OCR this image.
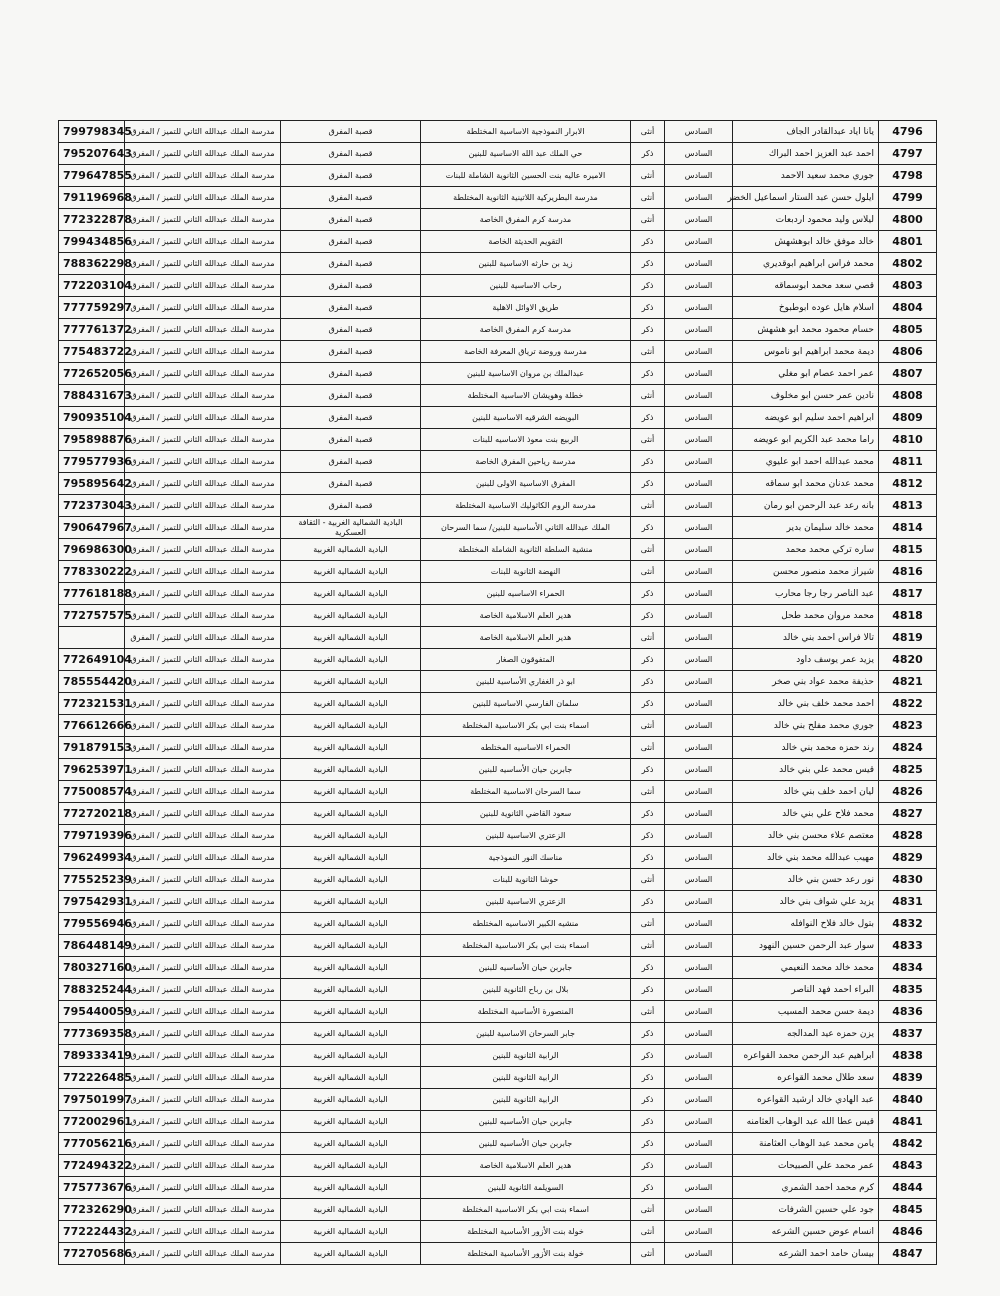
4796	يانا اياد عبدالقادر الجاف	السادس	أنثى	الابرار النموذجية الاساسية المختلطة	قصبة المفرق	مدرسة الملك عبدالله الثاني للتميز / المفرق	799798345
4797	احمد عبد العزيز احمد البراك	السادس	ذكر	حي الملك عبد الله الاساسية للبنين	قصبة المفرق	مدرسة الملك عبدالله الثاني للتميز / المفرق	795207643
4798	جوري محمد سعيد الاحمد	السادس	أنثى	الاميره عاليه بنت الحسين الثانوية الشاملة للبنات	قصبة المفرق	مدرسة الملك عبدالله الثاني للتميز / المفرق	779647855
4799	ايلول حسن عبد الستار اسماعيل الخضر	السادس	أنثى	مدرسة البطريركية اللاتينية الثانوية المختلطة	قصبة المفرق	مدرسة الملك عبدالله الثاني للتميز / المفرق	791196968
4800	ليلاس وليد محمود اردبعات	السادس	أنثى	مدرسة كرم المفرق الخاصة	قصبة المفرق	مدرسة الملك عبدالله الثاني للتميز / المفرق	772322878
4801	خالد موفق خالد ابوهشهش	السادس	ذكر	التقويم الحديثة الخاصة	قصبة المفرق	مدرسة الملك عبدالله الثاني للتميز / المفرق	799434856
4802	محمد فراس ابراهيم ابوقديري	السادس	ذكر	زيد بن حارثه الاساسية للبنين	قصبة المفرق	مدرسة الملك عبدالله الثاني للتميز / المفرق	788362298
4803	قصي سعد محمد ابوسماقه	السادس	ذكر	رحاب الاساسية للبنين	قصبة المفرق	مدرسة الملك عبدالله الثاني للتميز / المفرق	772203104
4804	اسلام هايل عوده ابوطبوخ	السادس	ذكر	طريق الاوائل الاهلية	قصبة المفرق	مدرسة الملك عبدالله الثاني للتميز / المفرق	777759297
4805	حسام محمود محمد ابو هشهش	السادس	ذكر	مدرسة كرم المفرق الخاصة	قصبة المفرق	مدرسة الملك عبدالله الثاني للتميز / المفرق	777761372
4806	ديمة محمد ابراهيم ابو ناموس	السادس	أنثى	مدرسة وروضة ترياق المعرفة الخاصة	قصبة المفرق	مدرسة الملك عبدالله الثاني للتميز / المفرق	775483722
4807	عمر احمد عصام ابو مغلي	السادس	ذكر	عبدالملك بن مروان الاساسية للبنين	قصبة المفرق	مدرسة الملك عبدالله الثاني للتميز / المفرق	772652056
4808	نادين عمر حسن ابو مخلوف	السادس	أنثى	خطلة وهويشان الاساسية المختلطة	قصبة المفرق	مدرسة الملك عبدالله الثاني للتميز / المفرق	788431673
4809	ابراهيم احمد سليم ابو عويضه	السادس	ذكر	البويضه الشرقيه الاساسية للبنين	قصبة المفرق	مدرسة الملك عبدالله الثاني للتميز / المفرق	790935104
4810	راما محمد عبد الكريم ابو عويضه	السادس	أنثى	الربيع بنت معوذ الاساسيه للبنات	قصبة المفرق	مدرسة الملك عبدالله الثاني للتميز / المفرق	795898876
4811	محمد عبدالله احمد ابو عليوي	السادس	ذكر	مدرسة رياحين المفرق الخاصة	قصبة المفرق	مدرسة الملك عبدالله الثاني للتميز / المفرق	779577936
4812	محمد عدنان محمد ابو سماقه	السادس	ذكر	المفرق الاساسية الاولى للبنين	قصبة المفرق	مدرسة الملك عبدالله الثاني للتميز / المفرق	795895642
4813	بانه رعد عبد الرحمن ابو رمان	السادس	أنثى	مدرسة الروم الكاثوليك الاساسية المختلطة	قصبة المفرق	مدرسة الملك عبدالله الثاني للتميز / المفرق	772373043
4814	محمد خالد سليمان بدير	السادس	ذكر	الملك عبدالله الثاني الأساسية للبنين/ سما السرحان	البادية الشمالية الغربية - الثقافة العسكرية	مدرسة الملك عبدالله الثاني للتميز / المفرق	790647967
4815	ساره تركي محمد محمد	السادس	أنثى	منشية السلطة الثانوية الشاملة المختلطة	البادية الشمالية الغربية	مدرسة الملك عبدالله الثاني للتميز / المفرق	796986300
4816	شيراز محمد منصور محسن	السادس	أنثى	النهضة الثانوية للبنات	البادية الشمالية الغربية	مدرسة الملك عبدالله الثاني للتميز / المفرق	778330222
4817	عبد الناصر رجا رجا محارب	السادس	ذكر	الحمراء الاساسيه للبنين	البادية الشمالية الغربية	مدرسة الملك عبدالله الثاني للتميز / المفرق	777618188
4818	محمد مروان محمد طحل	السادس	ذكر	هدير العلم الاسلامية الخاصة	البادية الشمالية الغربية	مدرسة الملك عبدالله الثاني للتميز / المفرق	772757575
4819	تالا فراس احمد بني خالد	السادس	أنثى	هدير العلم الاسلامية الخاصة	البادية الشمالية الغربية	مدرسة الملك عبدالله الثاني للتميز / المفرق	
4820	يزيد عمر يوسف داود	السادس	ذكر	المتفوقون الصغار	البادية الشمالية الغربية	مدرسة الملك عبدالله الثاني للتميز / المفرق	772649104
4821	حذيفة محمد عواد بني صخر	السادس	ذكر	ابو ذر الغفاري الأساسية للبنين	البادية الشمالية الغربية	مدرسة الملك عبدالله الثاني للتميز / المفرق	785554420
4822	احمد محمد خلف بني خالد	السادس	ذكر	سلمان الفارسي الاساسية للبنين	البادية الشمالية الغربية	مدرسة الملك عبدالله الثاني للتميز / المفرق	772321531
4823	جوري محمد مفلح بني خالد	السادس	أنثى	اسماء بنت ابي بكر الاساسية المختلطة	البادية الشمالية الغربية	مدرسة الملك عبدالله الثاني للتميز / المفرق	776612666
4824	رند حمزه محمد بني خالد	السادس	أنثى	الحمراء الاساسيه المختلطه	البادية الشمالية الغربية	مدرسة الملك عبدالله الثاني للتميز / المفرق	791879153
4825	قيس محمد علي بني خالد	السادس	ذكر	جابربن حيان الأساسيه للبنين	البادية الشمالية الغربية	مدرسة الملك عبدالله الثاني للتميز / المفرق	796253971
4826	ليان احمد خلف بني خالد	السادس	أنثى	سما السرحان الاساسية المختلطة	البادية الشمالية الغربية	مدرسة الملك عبدالله الثاني للتميز / المفرق	775008574
4827	محمد فلاح علي بني خالد	السادس	ذكر	سعود القاضي الثانوية للبنين	البادية الشمالية الغربية	مدرسة الملك عبدالله الثاني للتميز / المفرق	772720218
4828	معتصم علاء محسن بني خالد	السادس	ذكر	الزعتري الاساسية للبنين	البادية الشمالية الغربية	مدرسة الملك عبدالله الثاني للتميز / المفرق	779719396
4829	مهيب عبدالله محمد بني خالد	السادس	ذكر	مناسك النور النموذجية	البادية الشمالية الغربية	مدرسة الملك عبدالله الثاني للتميز / المفرق	796249934
4830	نور رعد حسن بني خالد	السادس	أنثى	حوشا الثانوية للبنات	البادية الشمالية الغربية	مدرسة الملك عبدالله الثاني للتميز / المفرق	775525239
4831	يزيد علي شواف بني خالد	السادس	ذكر	الزعتري الاساسية للبنين	البادية الشمالية الغربية	مدرسة الملك عبدالله الثاني للتميز / المفرق	797542931
4832	بتول خالد فلاح النوافله	السادس	أنثى	منشيه الكبير الاساسيه المختلطه	البادية الشمالية الغربية	مدرسة الملك عبدالله الثاني للتميز / المفرق	779556946
4833	سوار عبد الرحمن حسين النهود	السادس	أنثى	اسماء بنت ابي بكر الاساسية المختلطة	البادية الشمالية الغربية	مدرسة الملك عبدالله الثاني للتميز / المفرق	786448149
4834	محمد خالد محمد النعيمي	السادس	ذكر	جابربن حيان الأساسيه للبنين	البادية الشمالية الغربية	مدرسة الملك عبدالله الثاني للتميز / المفرق	780327160
4835	البراء احمد فهد الناصر	السادس	ذكر	بلال بن رباح الثانوية للبنين	البادية الشمالية الغربية	مدرسة الملك عبدالله الثاني للتميز / المفرق	788325244
4836	ديمة حسن محمد المسيب	السادس	أنثى	المنصورة الأساسية المختلطة	البادية الشمالية الغربية	مدرسة الملك عبدالله الثاني للتميز / المفرق	795440059
4837	يزن حمزه عيد المدالجه	السادس	ذكر	جابر السرحان الاساسية للبنين	البادية الشمالية الغربية	مدرسة الملك عبدالله الثاني للتميز / المفرق	777369358
4838	ابراهيم عبد الرحمن محمد القواعره	السادس	ذكر	الرابية الثانوية للبنين	البادية الشمالية الغربية	مدرسة الملك عبدالله الثاني للتميز / المفرق	789333419
4839	سعد طلال محمد القواعره	السادس	ذكر	الرابية الثانوية للبنين	البادية الشمالية الغربية	مدرسة الملك عبدالله الثاني للتميز / المفرق	772226485
4840	عبد الهادي خالد ارشيد القواعره	السادس	ذكر	الرابية الثانوية للبنين	البادية الشمالية الغربية	مدرسة الملك عبدالله الثاني للتميز / المفرق	797501997
4841	قيس عطا الله عبد الوهاب العثامنه	السادس	ذكر	جابربن حيان الأساسيه للبنين	البادية الشمالية الغربية	مدرسة الملك عبدالله الثاني للتميز / المفرق	772002961
4842	يامن محمد عبد الوهاب العثامنة	السادس	ذكر	جابربن حيان الأساسيه للبنين	البادية الشمالية الغربية	مدرسة الملك عبدالله الثاني للتميز / المفرق	777056216
4843	عمر محمد علي الصبيحات	السادس	ذكر	هدير العلم الاسلامية الخاصة	البادية الشمالية الغربية	مدرسة الملك عبدالله الثاني للتميز / المفرق	772494322
4844	كرم محمد احمد الشمري	السادس	ذكر	السويلمة الثانوية للبنين	البادية الشمالية الغربية	مدرسة الملك عبدالله الثاني للتميز / المفرق	775773676
4845	جود علي حسين الشرفات	السادس	أنثى	اسماء بنت ابي بكر الاساسية المختلطة	البادية الشمالية الغربية	مدرسة الملك عبدالله الثاني للتميز / المفرق	772326290
4846	انسام عوض حسين الشرعه	السادس	أنثى	خولة بنت الأزور الأساسية المختلطة	البادية الشمالية الغربية	مدرسة الملك عبدالله الثاني للتميز / المفرق	772224432
4847	بيسان حامد احمد الشرعه	السادس	أنثى	خولة بنت الأزور الأساسية المختلطة	البادية الشمالية الغربية	مدرسة الملك عبدالله الثاني للتميز / المفرق	772705686
